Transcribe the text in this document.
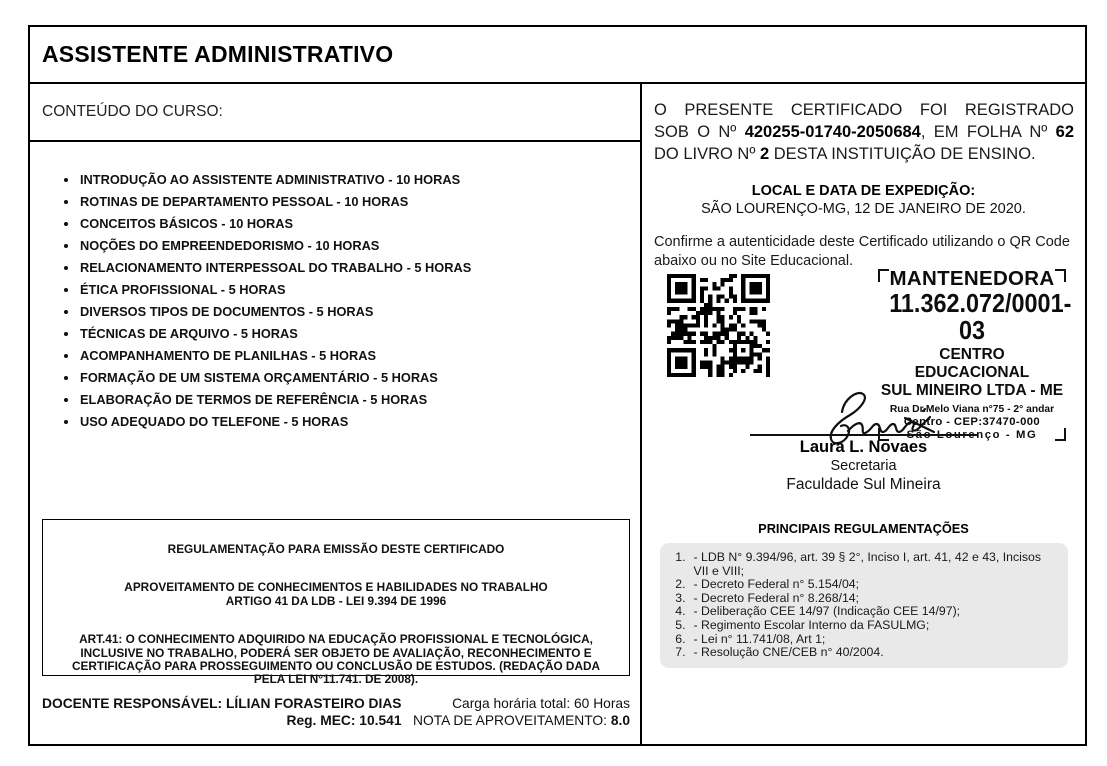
ASSISTENTE ADMINISTRATIVO
CONTEÚDO DO CURSO:
INTRODUÇÃO AO ASSISTENTE ADMINISTRATIVO - 10 HORAS
ROTINAS DE DEPARTAMENTO PESSOAL - 10 HORAS
CONCEITOS BÁSICOS - 10 HORAS
NOÇÕES DO EMPREENDEDORISMO - 10 HORAS
RELACIONAMENTO INTERPESSOAL DO TRABALHO - 5 HORAS
ÉTICA PROFISSIONAL - 5 HORAS
DIVERSOS TIPOS DE DOCUMENTOS - 5 HORAS
TÉCNICAS DE ARQUIVO - 5 HORAS
ACOMPANHAMENTO DE PLANILHAS - 5 HORAS
FORMAÇÃO DE UM SISTEMA ORÇAMENTÁRIO - 5 HORAS
ELABORAÇÃO DE TERMOS DE REFERÊNCIA - 5 HORAS
USO ADEQUADO DO TELEFONE - 5 HORAS
REGULAMENTAÇÃO PARA EMISSÃO DESTE CERTIFICADO
APROVEITAMENTO DE CONHECIMENTOS E HABILIDADES NO TRABALHO
ARTIGO 41 DA LDB - LEI 9.394 DE 1996

ART.41: O CONHECIMENTO ADQUIRIDO NA EDUCAÇÃO PROFISSIONAL E TECNOLÓGICA, INCLUSIVE NO TRABALHO, PODERÁ SER OBJETO DE AVALIAÇÃO, RECONHECIMENTO E CERTIFICAÇÃO PARA PROSSEGUIMENTO OU CONCLUSÃO DE ESTUDOS. (REDAÇÃO DADA PELA LEI N°11.741. DE 2008).

DOCENTE RESPONSÁVEL: LÍLIAN FORASTEIRO DIAS
Reg. MEC: 10.541
Carga horária total: 60 Horas
NOTA DE APROVEITAMENTO: 8.0
O PRESENTE CERTIFICADO FOI REGISTRADO
SOB O Nº 420255-01740-2050684, EM FOLHA Nº 62
DO LIVRO Nº 2 DESTA INSTITUIÇÃO DE ENSINO.
LOCAL E DATA DE EXPEDIÇÃO:
SÃO LOURENÇO-MG, 12 DE JANEIRO DE 2020.

Confirme a autenticidade deste Certificado utilizando o QR Code abaixo ou no Site Educacional.

MANTENEDORA
11.362.072/0001-03
CENTRO EDUCACIONAL
SUL MINEIRO LTDA - ME
Rua Dr.Melo Viana n°75 - 2° andar
Centro - CEP:37470-000
São Lourenço - MG
Laura L. Novaes
Secretaria
Faculdade Sul Mineira
PRINCIPAIS REGULAMENTAÇÕES
1. - LDB N° 9.394/96, art. 39 § 2°, Inciso I, art. 41, 42 e 43, Incisos VII e VIII;
2. - Decreto Federal n° 5.154/04;
3. - Decreto Federal n° 8.268/14;
4. - Deliberação CEE 14/97 (Indicação CEE 14/97);
5. - Regimento Escolar Interno da FASULMG;
6. - Lei n° 11.741/08, Art 1;
7. - Resolução CNE/CEB n° 40/2004.
